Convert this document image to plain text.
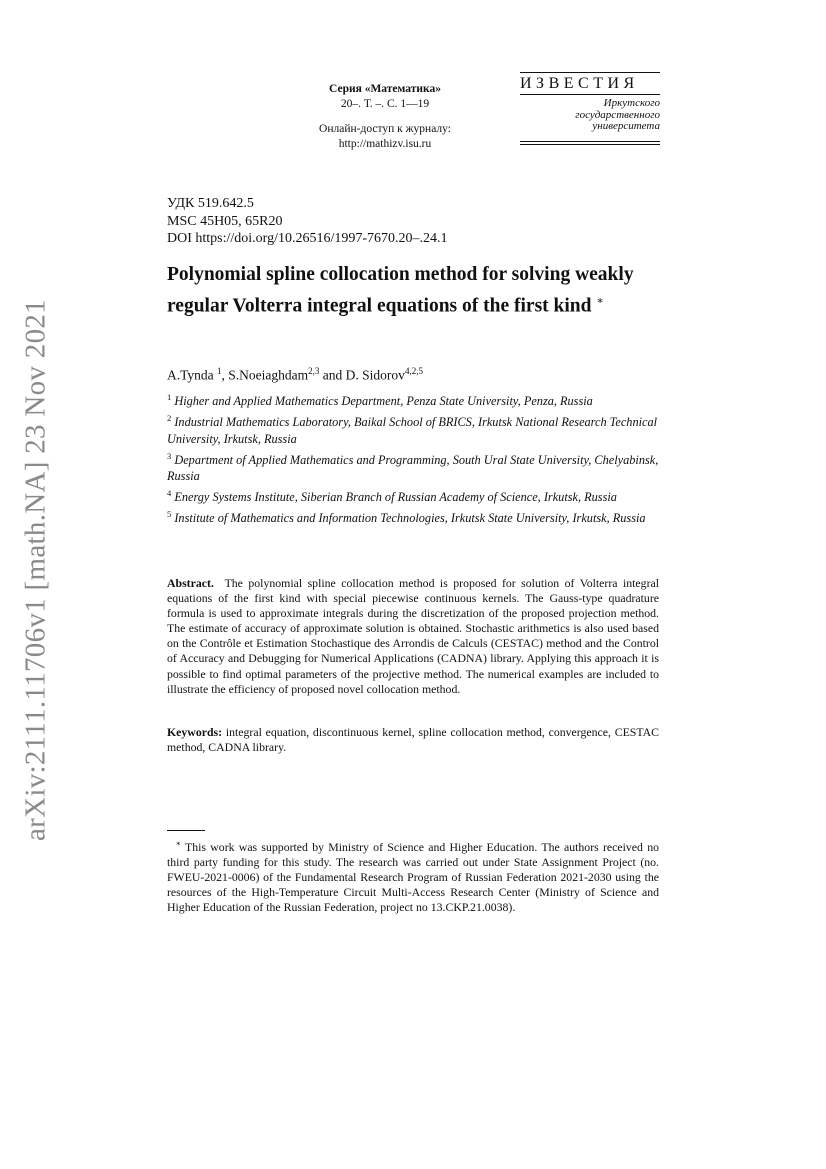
arXiv:2111.11706v1 [math.NA] 23 Nov 2021
Серия «Математика»
20–. Т. –. С. 1—19
Онлайн-доступ к журналу:
http://mathizv.isu.ru
ИЗВЕСТИЯ
Иркутского
государственного
университета
УДК 519.642.5
MSC 45H05, 65R20
DOI https://doi.org/10.26516/1997-7670.20–.24.1
Polynomial spline collocation method for solving weakly regular Volterra integral equations of the first kind ∗
A.Tynda $^1$, S.Noeiaghdam$^{2,3}$ and D. Sidorov$^{4,2,5}$
$^1$ Higher and Applied Mathematics Department, Penza State University, Penza, Russia
$^2$ Industrial Mathematics Laboratory, Baikal School of BRICS, Irkutsk National Research Technical University, Irkutsk, Russia
$^3$ Department of Applied Mathematics and Programming, South Ural State University, Chelyabinsk, Russia
$^4$ Energy Systems Institute, Siberian Branch of Russian Academy of Science, Irkutsk, Russia
$^5$ Institute of Mathematics and Information Technologies, Irkutsk State University, Irkutsk, Russia

Abstract. The polynomial spline collocation method is proposed for solution of Volterra integral equations of the first kind with special piecewise continuous kernels. The Gauss-type quadrature formula is used to approximate integrals during the discretization of the proposed projection method. The estimate of accuracy of approximate solution is obtained. Stochastic arithmetics is also used based on the Contrôle et Estimation Stochastique des Arrondis de Calculs (CESTAC) method and the Control of Accuracy and Debugging for Numerical Applications (CADNA) library. Applying this approach it is possible to find optimal parameters of the projective method. The numerical examples are included to illustrate the efficiency of proposed novel collocation method.

Keywords: integral equation, discontinuous kernel, spline collocation method, convergence, CESTAC method, CADNA library.

∗ This work was supported by Ministry of Science and Higher Education. The authors received no third party funding for this study. The research was carried out under State Assignment Project (no. FWEU-2021-0006) of the Fundamental Research Program of Russian Federation 2021-2030 using the resources of the High-Temperature Circuit Multi-Access Research Center (Ministry of Science and Higher Education of the Russian Federation, project no 13.CKP.21.0038).
